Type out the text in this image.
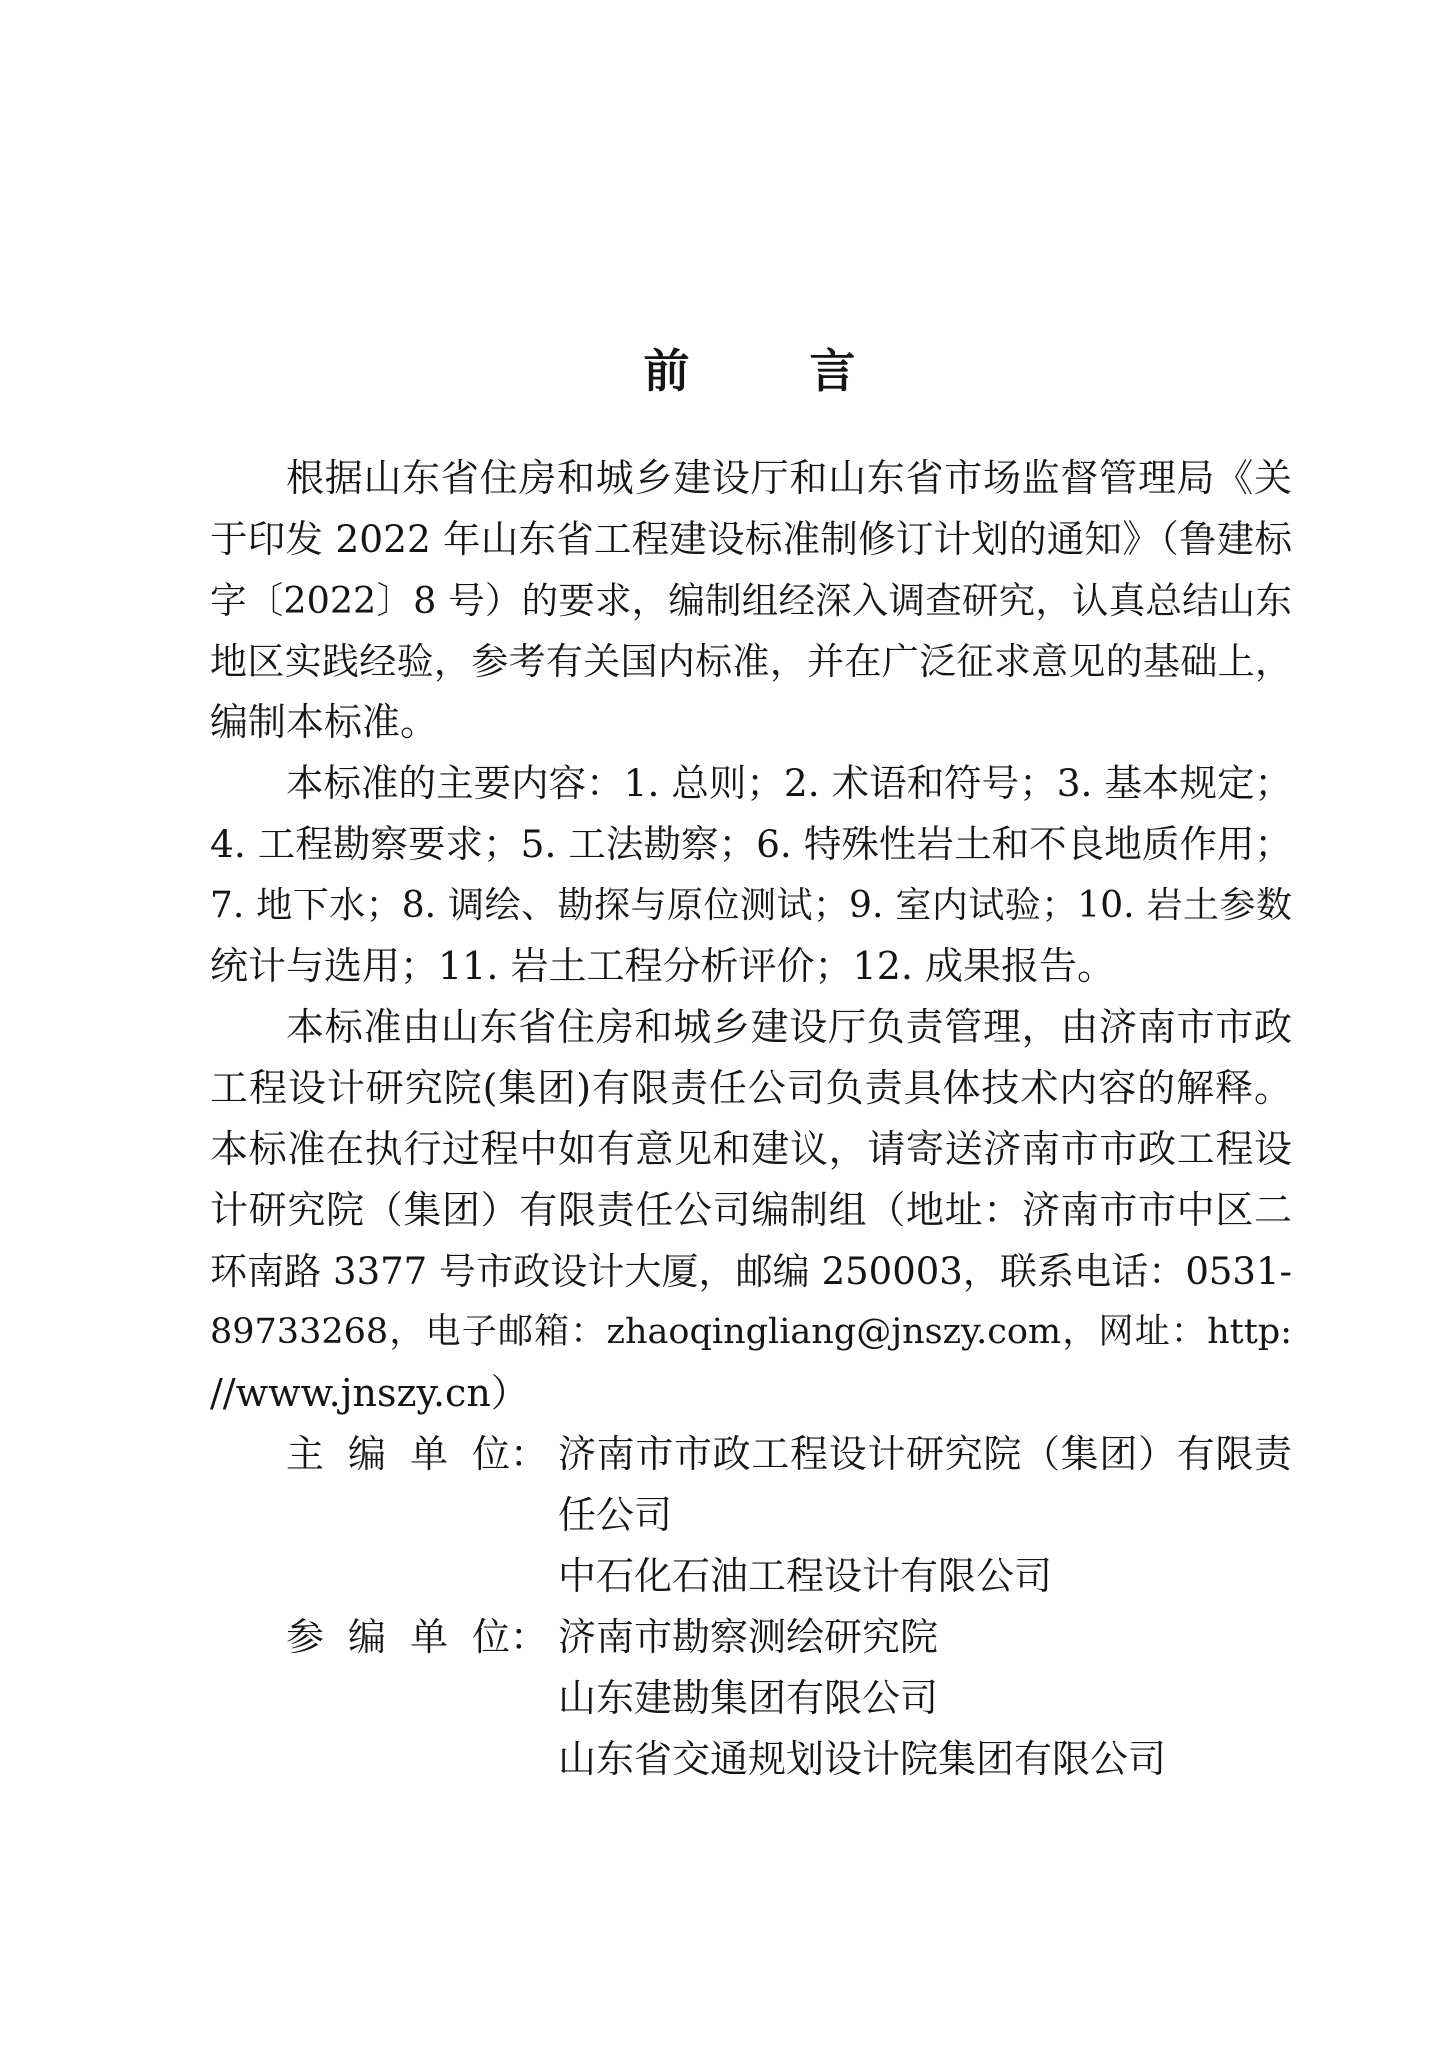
前 言
根据山东省住房和城乡建设厅和山东省市场监督管理局《关
于印发 2022 年山东省工程建设标准制修订计划的通知》（鲁建标
字〔2022〕8 号）的要求，编制组经深入调查研究，认真总结山东
地区实践经验，参考有关国内标准，并在广泛征求意见的基础上，
编制本标准。
本标准的主要内容：1. 总则；2. 术语和符号；3. 基本规定；
4. 工程勘察要求；5. 工法勘察；6. 特殊性岩土和不良地质作用；
7. 地下水；8. 调绘、勘探与原位测试；9. 室内试验；10. 岩土参数
统计与选用；11. 岩土工程分析评价；12. 成果报告。
本标准由山东省住房和城乡建设厅负责管理，由济南市市政
工程设计研究院(集团)有限责任公司负责具体技术内容的解释。
本标准在执行过程中如有意见和建议，请寄送济南市市政工程设
计研究院（集团）有限责任公司编制组（地址：济南市市中区二
环南路 3377 号市政设计大厦，邮编 250003，联系电话：0531-
89733268，电子邮箱：zhaoqingliang@jnszy.com，网址：http:
//www.jnszy.cn）
主 编 单 位 ： 济南市市政工程设计研究院（集团）有限责
任公司
中石化石油工程设计有限公司
参 编 单 位 ： 济南市勘察测绘研究院
山东建勘集团有限公司
山东省交通规划设计院集团有限公司
